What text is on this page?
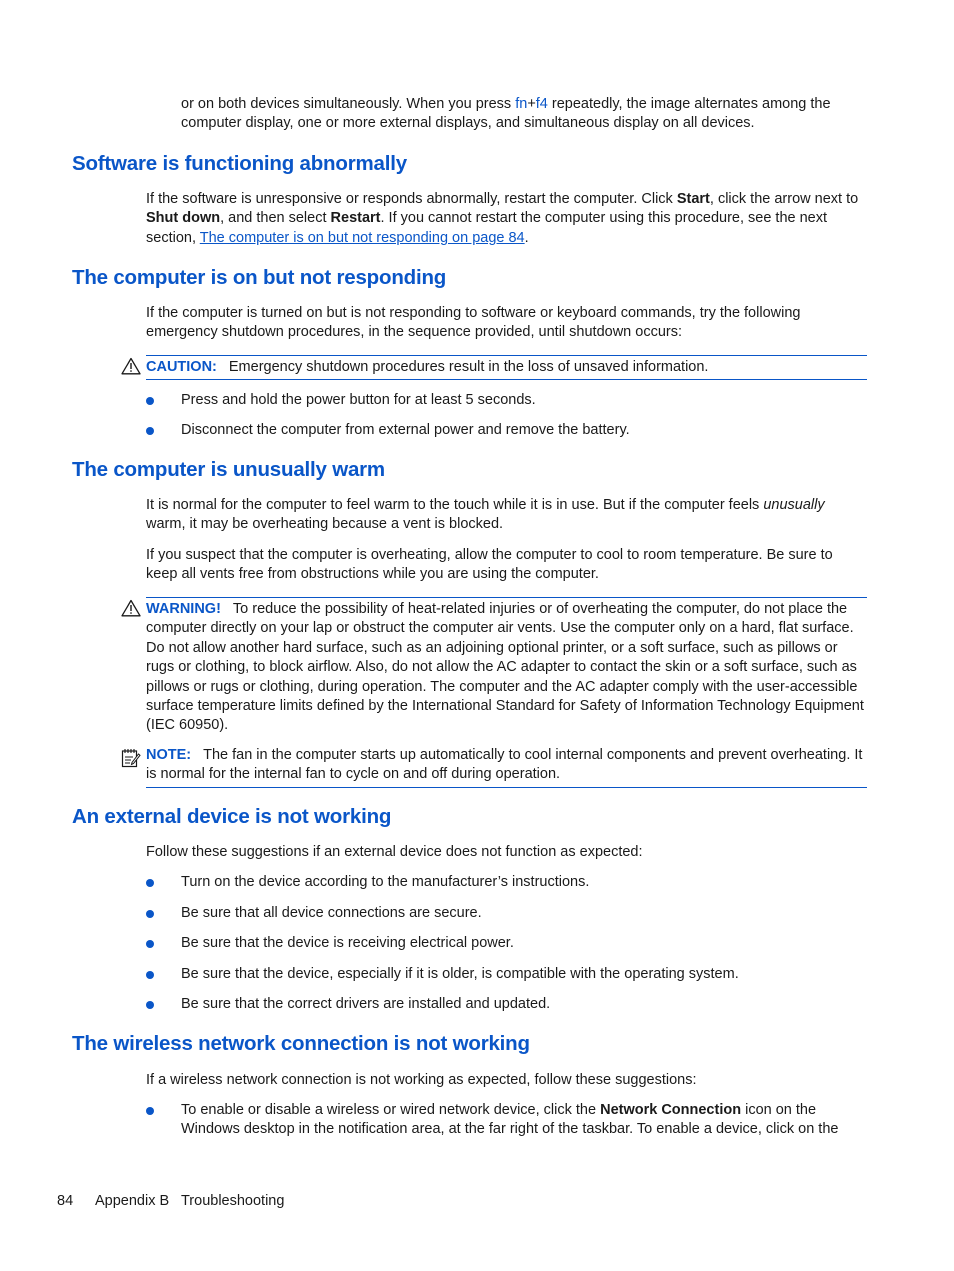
or on both devices simultaneously. When you press fn+f4 repeatedly, the image alternates among the computer display, one or more external displays, and simultaneous display on all devices.

Software is functioning abnormally

If the software is unresponsive or responds abnormally, restart the computer. Click Start, click the arrow next to Shut down, and then select Restart. If you cannot restart the computer using this procedure, see the next section, The computer is on but not responding on page 84.

The computer is on but not responding

If the computer is turned on but is not responding to software or keyboard commands, try the following emergency shutdown procedures, in the sequence provided, until shutdown occurs:

CAUTION: Emergency shutdown procedures result in the loss of unsaved information.

Press and hold the power button for at least 5 seconds.
Disconnect the computer from external power and remove the battery.
The computer is unusually warm

It is normal for the computer to feel warm to the touch while it is in use. But if the computer feels unusually warm, it may be overheating because a vent is blocked.

If you suspect that the computer is overheating, allow the computer to cool to room temperature. Be sure to keep all vents free from obstructions while you are using the computer.

WARNING! To reduce the possibility of heat-related injuries or of overheating the computer, do not place the computer directly on your lap or obstruct the computer air vents. Use the computer only on a hard, flat surface. Do not allow another hard surface, such as an adjoining optional printer, or a soft surface, such as pillows or rugs or clothing, to block airflow. Also, do not allow the AC adapter to contact the skin or a soft surface, such as pillows or rugs or clothing, during operation. The computer and the AC adapter comply with the user-accessible surface temperature limits defined by the International Standard for Safety of Information Technology Equipment (IEC 60950).

NOTE: The fan in the computer starts up automatically to cool internal components and prevent overheating. It is normal for the internal fan to cycle on and off during operation.

An external device is not working

Follow these suggestions if an external device does not function as expected:

Turn on the device according to the manufacturer’s instructions.
Be sure that all device connections are secure.
Be sure that the device is receiving electrical power.
Be sure that the device, especially if it is older, is compatible with the operating system.
Be sure that the correct drivers are installed and updated.
The wireless network connection is not working

If a wireless network connection is not working as expected, follow these suggestions:

To enable or disable a wireless or wired network device, click the Network Connection icon on the Windows desktop in the notification area, at the far right of the taskbar. To enable a device, click on the
84 Appendix B   Troubleshooting
